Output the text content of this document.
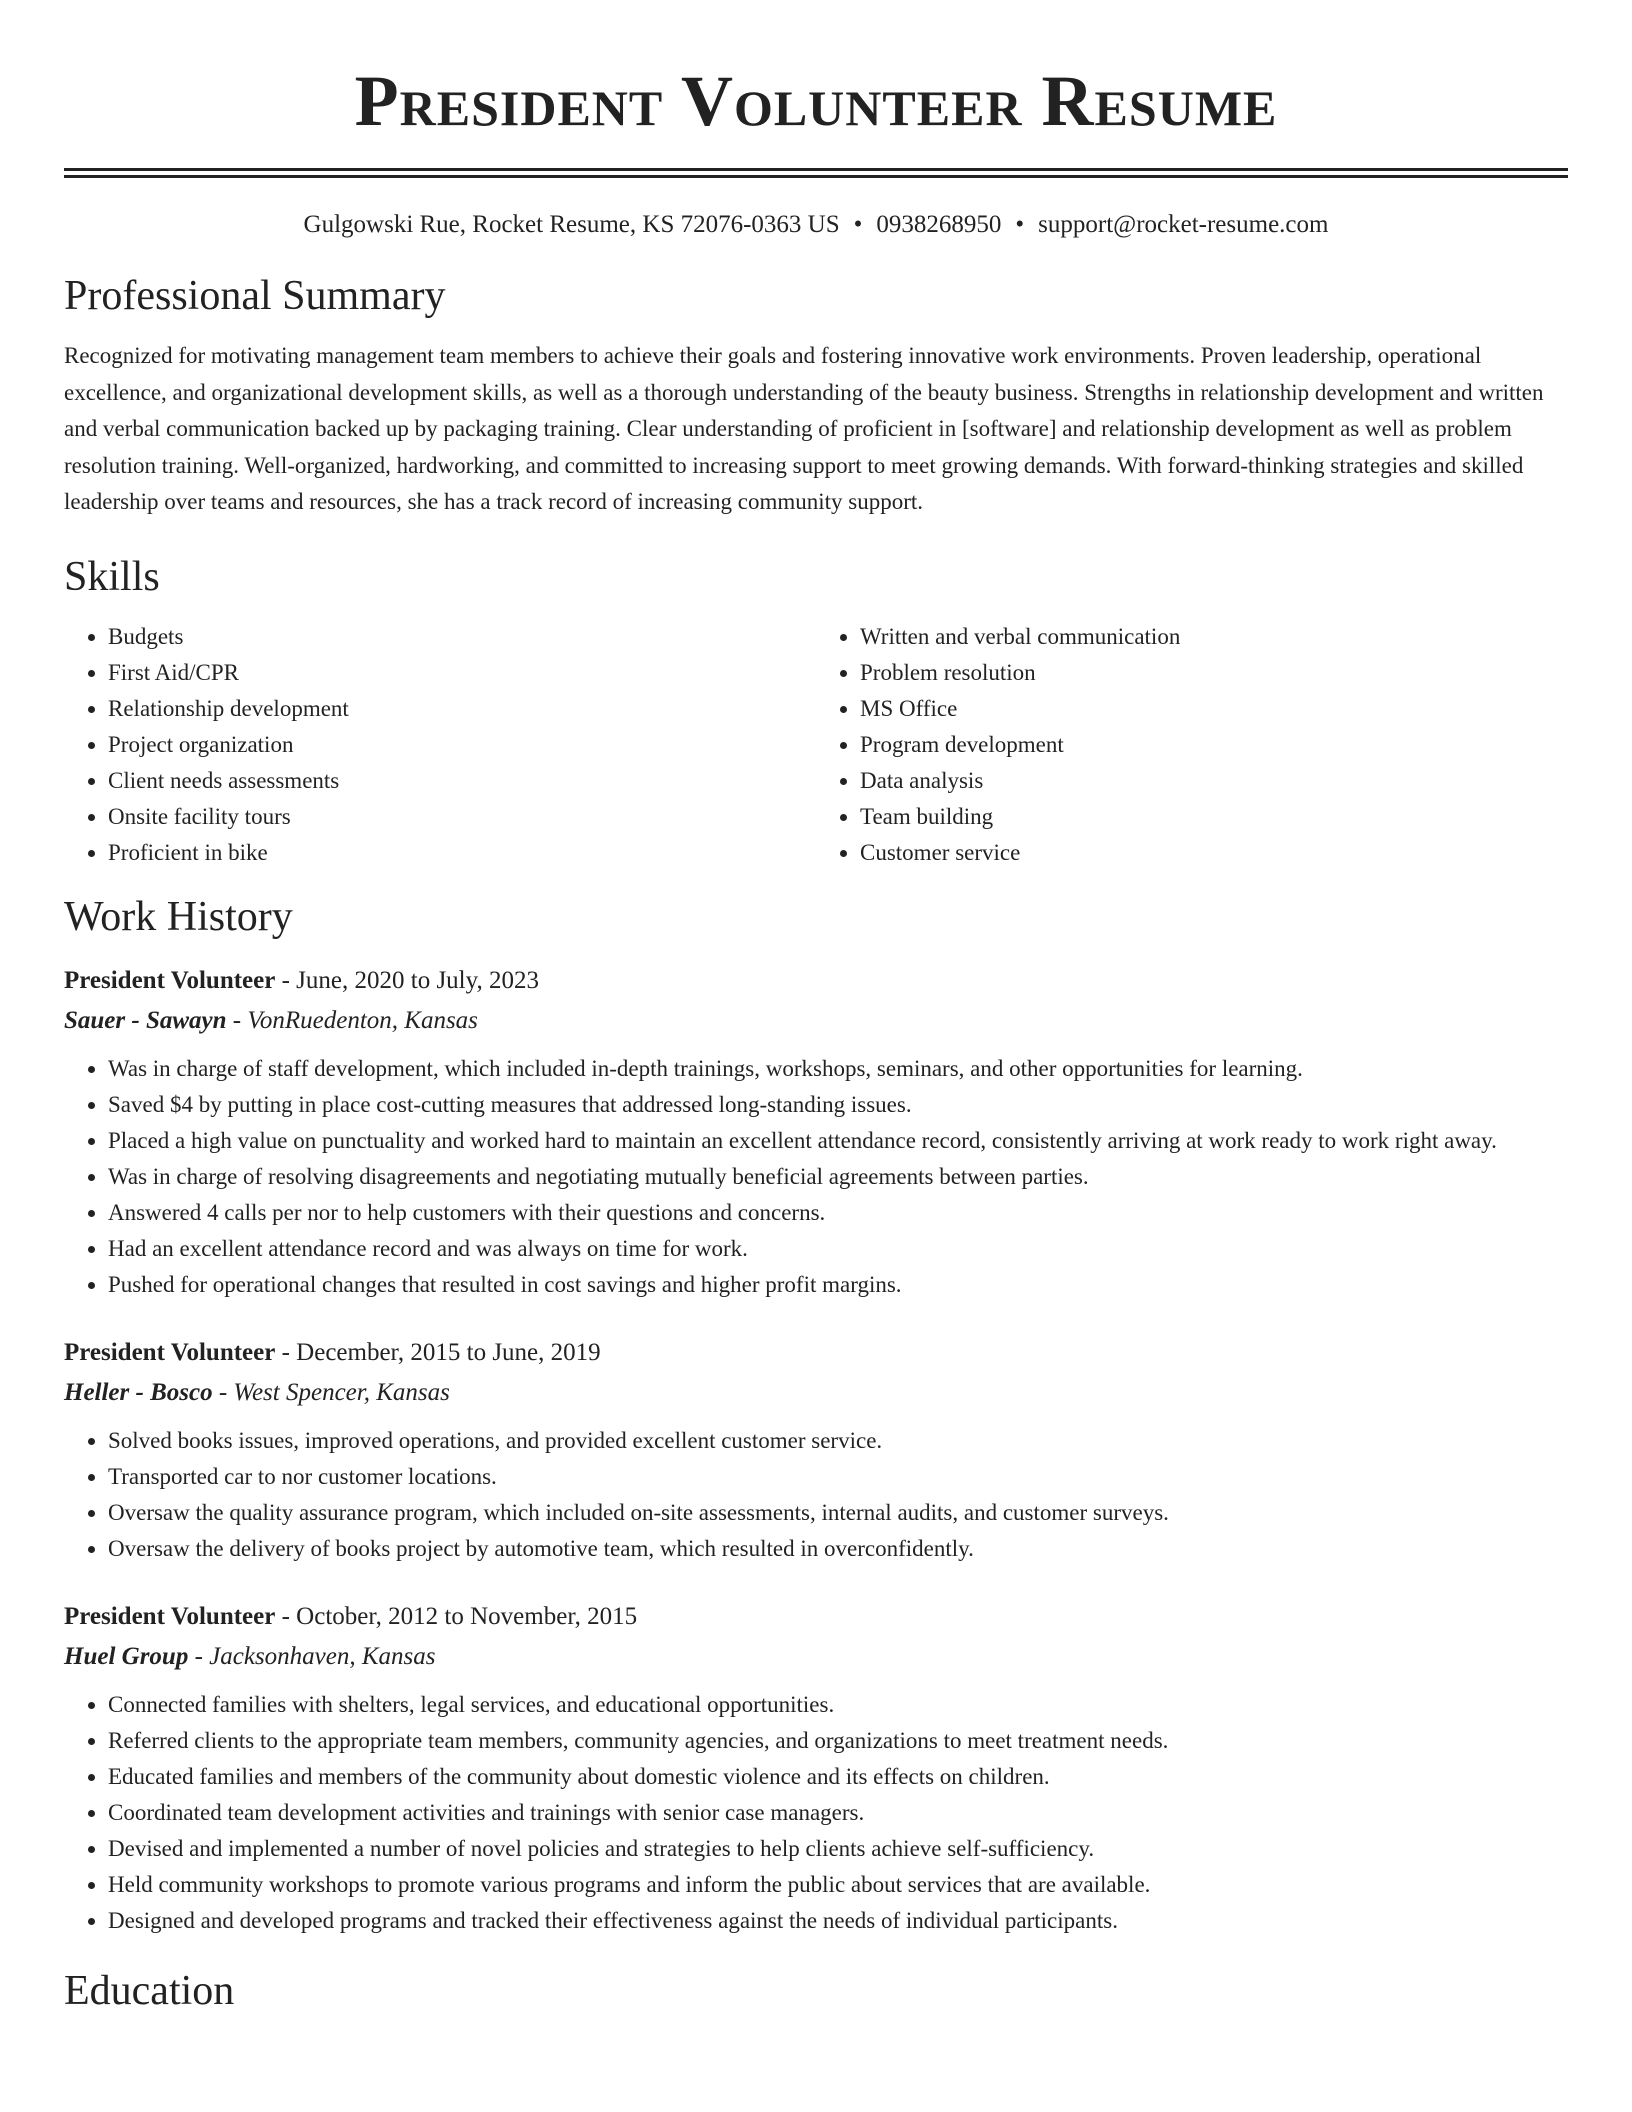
President Volunteer Resume
Gulgowski Rue, Rocket Resume, KS 72076-0363 US • 0938268950 • support@rocket-resume.com
Professional Summary

Recognized for motivating management team members to achieve their goals and fostering innovative work environments. Proven leadership, operational excellence, and organizational development skills, as well as a thorough understanding of the beauty business. Strengths in relationship development and written and verbal communication backed up by packaging training. Clear understanding of proficient in [software] and relationship development as well as problem resolution training. Well-organized, hardworking, and committed to increasing support to meet growing demands. With forward-thinking strategies and skilled leadership over teams and resources, she has a track record of increasing community support.

Skills
• Budgets
• First Aid/CPR
• Relationship development
• Project organization
• Client needs assessments
• Onsite facility tours
• Proficient in bike
• Written and verbal communication
• Problem resolution
• MS Office
• Program development
• Data analysis
• Team building
• Customer service
Work History
President Volunteer - June, 2020 to July, 2023
Sauer - Sawayn - VonRuedenton, Kansas
• Was in charge of staff development, which included in-depth trainings, workshops, seminars, and other opportunities for learning.
• Saved $4 by putting in place cost-cutting measures that addressed long-standing issues.
• Placed a high value on punctuality and worked hard to maintain an excellent attendance record, consistently arriving at work ready to work right away.
• Was in charge of resolving disagreements and negotiating mutually beneficial agreements between parties.
• Answered 4 calls per nor to help customers with their questions and concerns.
• Had an excellent attendance record and was always on time for work.
• Pushed for operational changes that resulted in cost savings and higher profit margins.
President Volunteer - December, 2015 to June, 2019
Heller - Bosco - West Spencer, Kansas
• Solved books issues, improved operations, and provided excellent customer service.
• Transported car to nor customer locations.
• Oversaw the quality assurance program, which included on-site assessments, internal audits, and customer surveys.
• Oversaw the delivery of books project by automotive team, which resulted in overconfidently.
President Volunteer - October, 2012 to November, 2015
Huel Group - Jacksonhaven, Kansas
• Connected families with shelters, legal services, and educational opportunities.
• Referred clients to the appropriate team members, community agencies, and organizations to meet treatment needs.
• Educated families and members of the community about domestic violence and its effects on children.
• Coordinated team development activities and trainings with senior case managers.
• Devised and implemented a number of novel policies and strategies to help clients achieve self-sufficiency.
• Held community workshops to promote various programs and inform the public about services that are available.
• Designed and developed programs and tracked their effectiveness against the needs of individual participants.
Education
